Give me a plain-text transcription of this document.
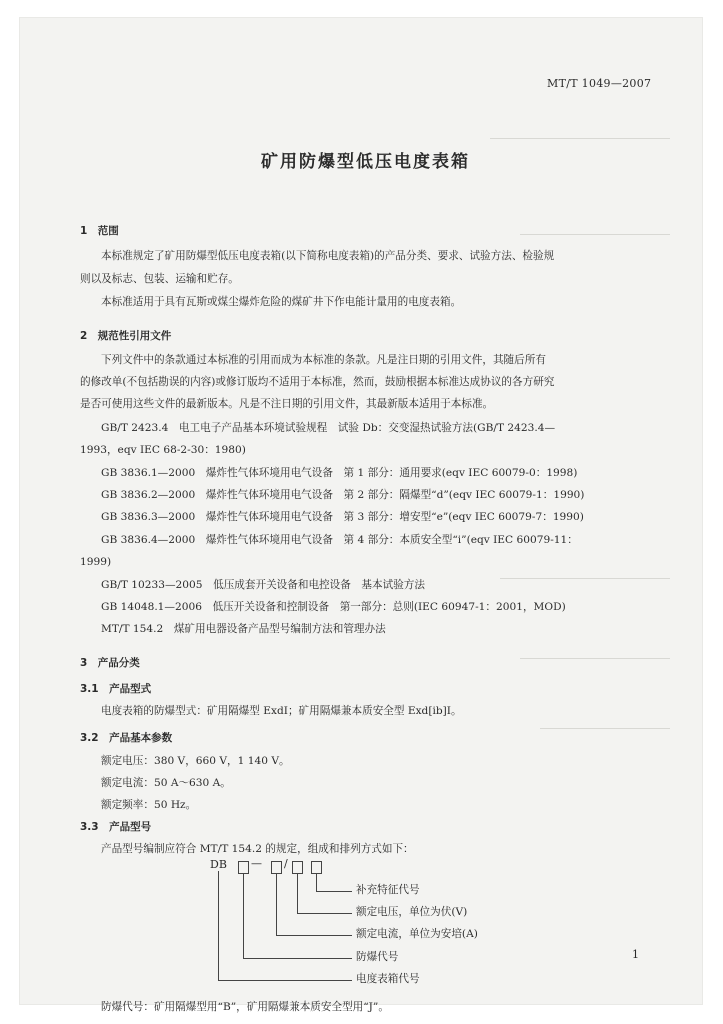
MT/T 1049—2007
矿用防爆型低压电度表箱
1　范围
本标准规定了矿用防爆型低压电度表箱(以下简称电度表箱)的产品分类、要求、试验方法、检验规
则以及标志、包装、运输和贮存。
本标准适用于具有瓦斯或煤尘爆炸危险的煤矿井下作电能计量用的电度表箱。
2　规范性引用文件
下列文件中的条款通过本标准的引用而成为本标准的条款。凡是注日期的引用文件，其随后所有
的修改单(不包括勘误的内容)或修订版均不适用于本标准，然而，鼓励根据本标准达成协议的各方研究
是否可使用这些文件的最新版本。凡是不注日期的引用文件，其最新版本适用于本标准。
GB/T 2423.4　电工电子产品基本环境试验规程　试验 Db：交变湿热试验方法(GB/T 2423.4—
1993，eqv IEC 68-2-30：1980)
GB 3836.1—2000　爆炸性气体环境用电气设备　第 1 部分：通用要求(eqv IEC 60079-0：1998)
GB 3836.2—2000　爆炸性气体环境用电气设备　第 2 部分：隔爆型“d”(eqv IEC 60079-1：1990)
GB 3836.3—2000　爆炸性气体环境用电气设备　第 3 部分：增安型“e”(eqv IEC 60079-7：1990)
GB 3836.4—2000　爆炸性气体环境用电气设备　第 4 部分：本质安全型“i”(eqv IEC 60079-11：
1999)
GB/T 10233—2005　低压成套开关设备和电控设备　基本试验方法
GB 14048.1—2006　低压开关设备和控制设备　第一部分：总则(IEC 60947-1：2001，MOD)
MT/T 154.2　煤矿用电器设备产品型号编制方法和管理办法
3　产品分类
3.1　产品型式
电度表箱的防爆型式：矿用隔爆型 ExdⅠ；矿用隔爆兼本质安全型 Exd[ib]Ⅰ。
3.2　产品基本参数
额定电压：380 V，660 V，1 140 V。
额定电流：50 A～630 A。
额定频率：50 Hz。
3.3　产品型号
产品型号编制应符合 MT/T 154.2 的规定，组成和排列方式如下：
DB — /
补充特征代号
额定电压，单位为伏(V)
额定电流，单位为安培(A)
防爆代号
电度表箱代号
防爆代号：矿用隔爆型用“B”，矿用隔爆兼本质安全型用“J”。
1
